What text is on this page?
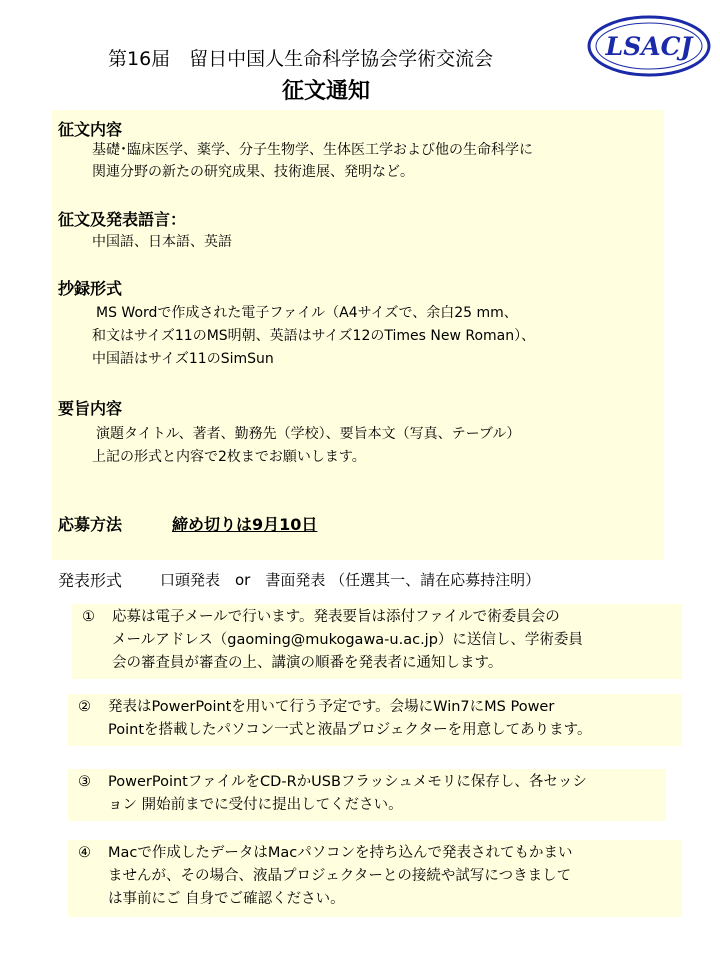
第16届　留日中国人生命科学協会学術交流会
征文通知
LSACJ
征文内容
基礎･臨床医学、薬学、分子生物学、生体医工学および他の生命科学に
関連分野の新たの研究成果、技術進展、発明など。
征文及発表語言：
中国語、日本語、英語
抄録形式
MS Wordで作成された電子ファイル（A4サイズで、余白25 mm、
和文はサイズ11のMS明朝、英語はサイズ12のTimes New Roman）、
中国語はサイズ11のSimSun
要旨内容
演題タイトル、著者、勤務先（学校）、要旨本文（写真、テーブル）
上記の形式と内容で2枚までお願いします。
応募方法	締め切りは9月10日
発表形式	口頭発表　or　書面発表 （任選其一、請在応募持注明）
① 応募は電子メールで行います。発表要旨は添付ファイルで術委員会の
メールアドレス（gaoming@mukogawa-u.ac.jp）に送信し、学術委員
会の審査員が審査の上、講演の順番を発表者に通知します。
② 発表はPowerPointを用いて行う予定です。会場にWin7にMS Power
Pointを搭載したパソコン一式と液晶プロジェクターを用意してあります。
③ PowerPointファイルをCD-RかUSBフラッシュメモリに保存し、各セッシ
ョン 開始前までに受付に提出してください。
④ Macで作成したデータはMacパソコンを持ち込んで発表されてもかまい
ませんが、その場合、液晶プロジェクターとの接続や試写につきまして
は事前にご 自身でご確認ください。
